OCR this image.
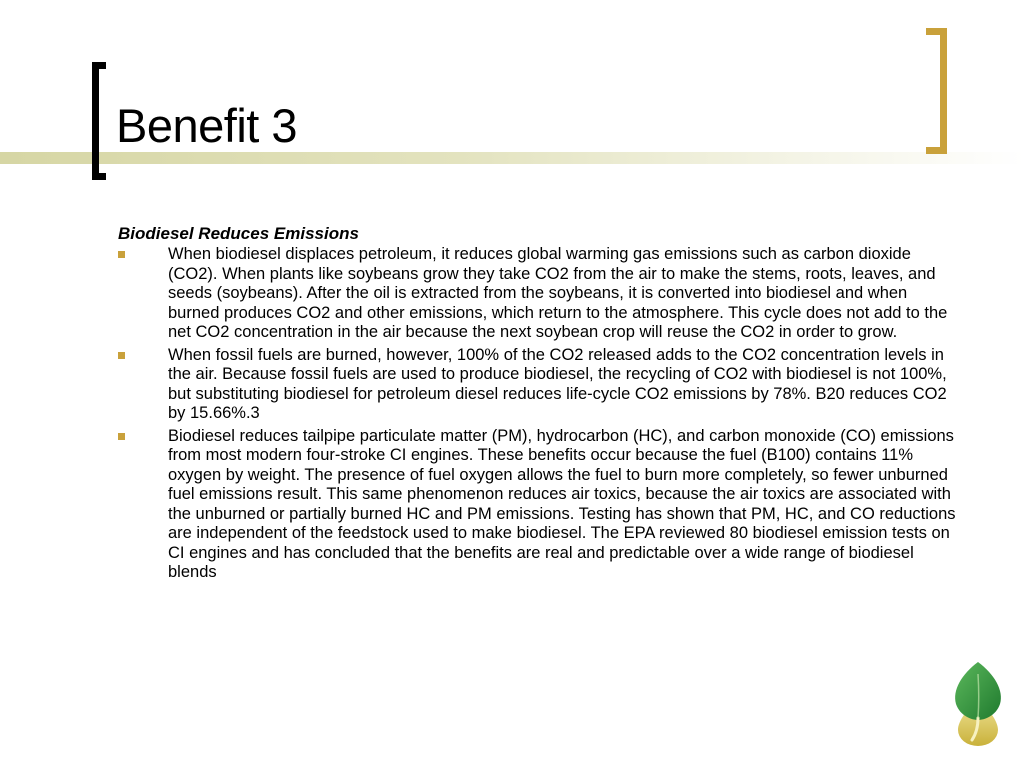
Benefit 3
Biodiesel Reduces Emissions
When biodiesel displaces petroleum, it reduces global warming gas emissions such as carbon dioxide (CO2). When plants like soybeans grow they take CO2 from the air to make the stems, roots, leaves, and seeds (soybeans). After the oil is extracted from the soybeans, it is converted into biodiesel and when burned produces CO2 and other emissions, which return to the atmosphere. This cycle does not add to the net CO2 concentration in the air because the next soybean crop will reuse the CO2 in order to grow.
When fossil fuels are burned, however, 100% of the CO2 released adds to the CO2 concentration levels in the air. Because fossil fuels are used to produce biodiesel, the recycling of CO2 with biodiesel is not 100%, but substituting biodiesel for petroleum diesel reduces life-cycle CO2 emissions by 78%. B20 reduces CO2 by 15.66%.3
Biodiesel reduces tailpipe particulate matter (PM), hydrocarbon (HC), and carbon monoxide (CO) emissions from most modern four-stroke CI engines. These benefits occur because the fuel (B100) contains 11% oxygen by weight. The presence of fuel oxygen allows the fuel to burn more completely, so fewer unburned fuel emissions result. This same phenomenon reduces air toxics, because the air toxics are associated with the unburned or partially burned HC and PM emissions. Testing has shown that PM, HC, and CO reductions are independent of the feedstock used to make biodiesel. The EPA reviewed 80 biodiesel emission tests on CI engines and has concluded that the benefits are real and predictable over a wide range of biodiesel blends
